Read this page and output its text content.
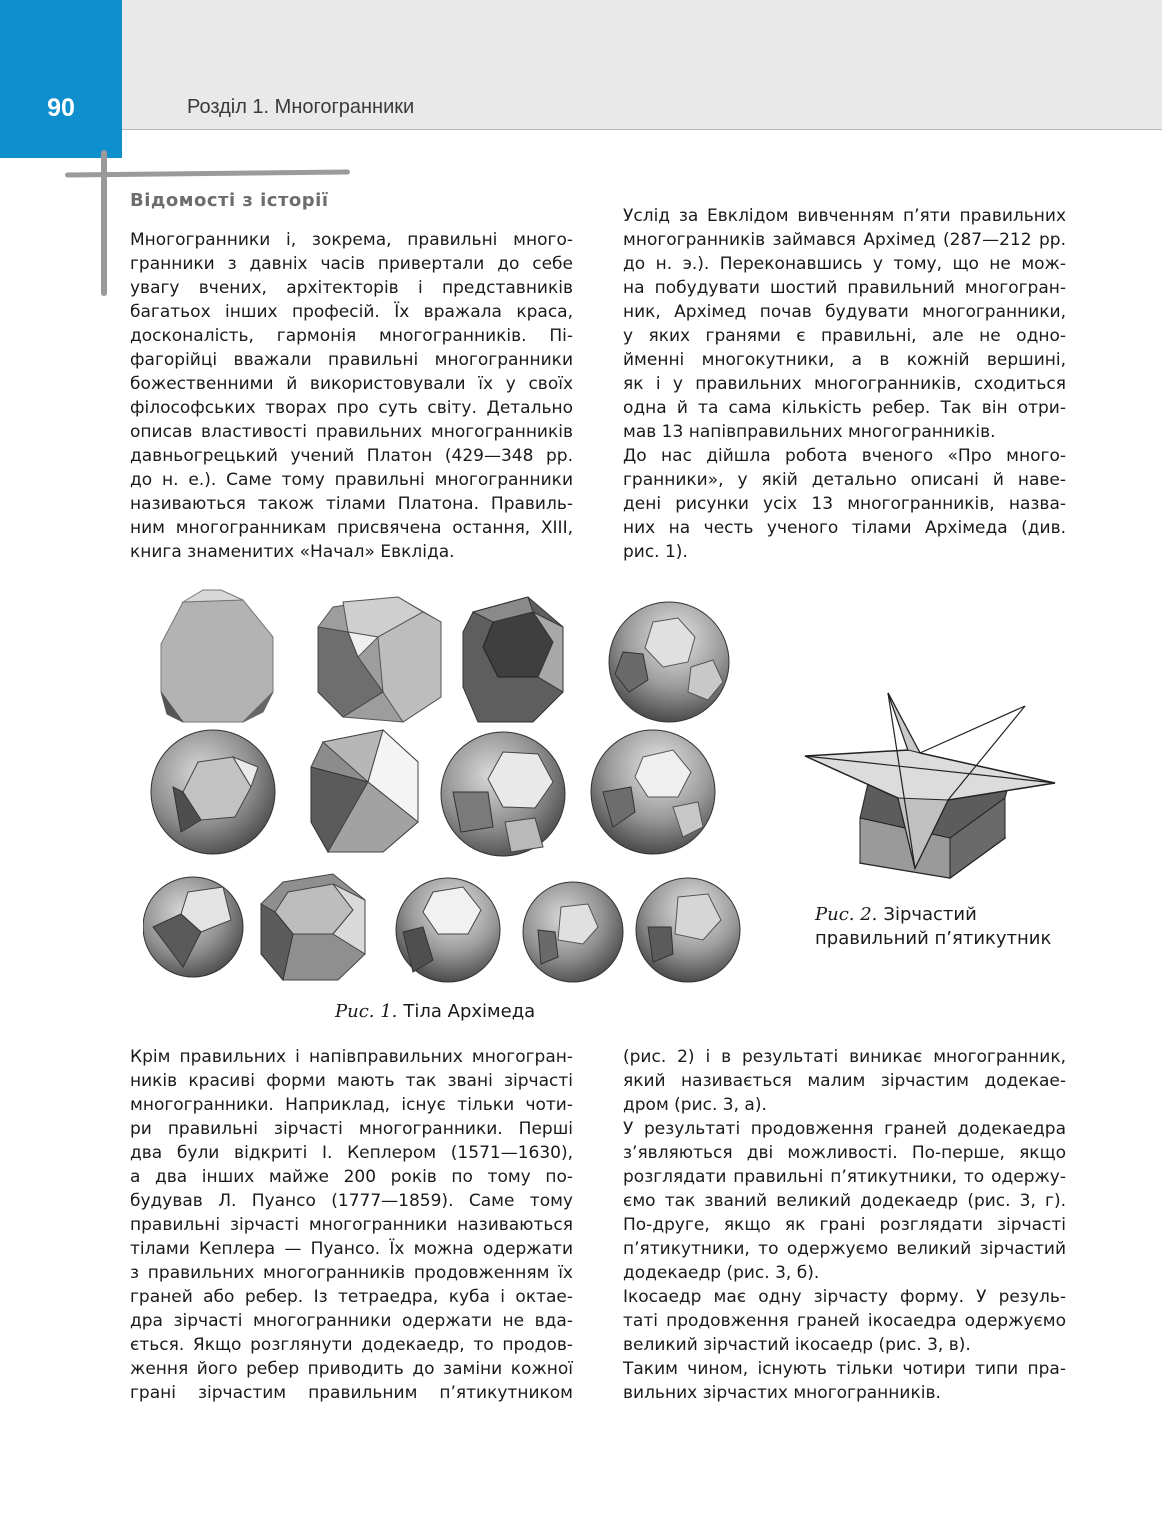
90	Розділ 1. Многогранники
Відомості з історії
Многогранники і, зокрема, правильні много-
гранники з давніх часів привертали до себе
увагу вчених, архітекторів і представників
багатьох інших професій. Їх вражала краса,
досконалість, гармонія многогранників. Пі-
фагорійці вважали правильні многогранники
божественними й використовували їх у своїх
філософських творах про суть світу. Детально
описав властивості правильних многогранників
давньогрецький учений Платон (429—348 рр.
до н. е.). Саме тому правильні многогранники
називаються також тілами Платона. Правиль-
ним многогранникам присвячена остання, XIII,
книга знаменитих «Начал» Евкліда.
Услід за Евклідом вивченням п’яти правильних
многогранників займався Архімед (287—212 рр.
до н. э.). Переконавшись у тому, що не мож-
на побудувати шостий правильний многогран-
ник, Архімед почав будувати многогранники,
у яких гранями є правильні, але не одно-
йменні многокутники, а в кожній вершині,
як і у правильних многогранників, сходиться
одна й та сама кількість ребер. Так він отри-
мав 13 напівправильних многогранників.
До нас дійшла робота вченого «Про много-
гранники», у якій детально описані й наве-
дені рисунки усіх 13 многогранників, назва-
них на честь ученого тілами Архімеда (див.
рис. 1).
Рис. 1. Тіла Архімеда
Рис. 2. Зірчастий
правильний п’ятикутник
Крім правильних і напівправильних многогран-
ників красиві форми мають так звані зірчасті
многогранники. Наприклад, існує тільки чоти-
ри правильні зірчасті многогранники. Перші
два були відкриті І. Кеплером (1571—1630),
а два інших майже 200 років по тому по-
будував Л. Пуансо (1777—1859). Саме тому
правильні зірчасті многогранники називаються
тілами Кеплера — Пуансо. Їх можна одержати
з правильних многогранників продовженням їх
граней або ребер. Із тетраедра, куба і октае-
дра зірчасті многогранники одержати не вда-
ється. Якщо розглянути додекаедр, то продов-
ження його ребер приводить до заміни кожної
грані зірчастим правильним п’ятикутником
(рис. 2) і в результаті виникає многогранник,
який називається малим зірчастим додекае-
дром (рис. 3, а).
У результаті продовження граней додекаедра
з’являються дві можливості. По-перше, якщо
розглядати правильні п’ятикутники, то одержу-
ємо так званий великий додекаедр (рис. 3, г).
По-друге, якщо як грані розглядати зірчасті
п’ятикутники, то одержуємо великий зірчастий
додекаедр (рис. 3, б).
Ікосаедр має одну зірчасту форму. У резуль-
таті продовження граней ікосаедра одержуємо
великий зірчастий ікосаедр (рис. 3, в).
Таким чином, існують тільки чотири типи пра-
вильних зірчастих многогранників.
